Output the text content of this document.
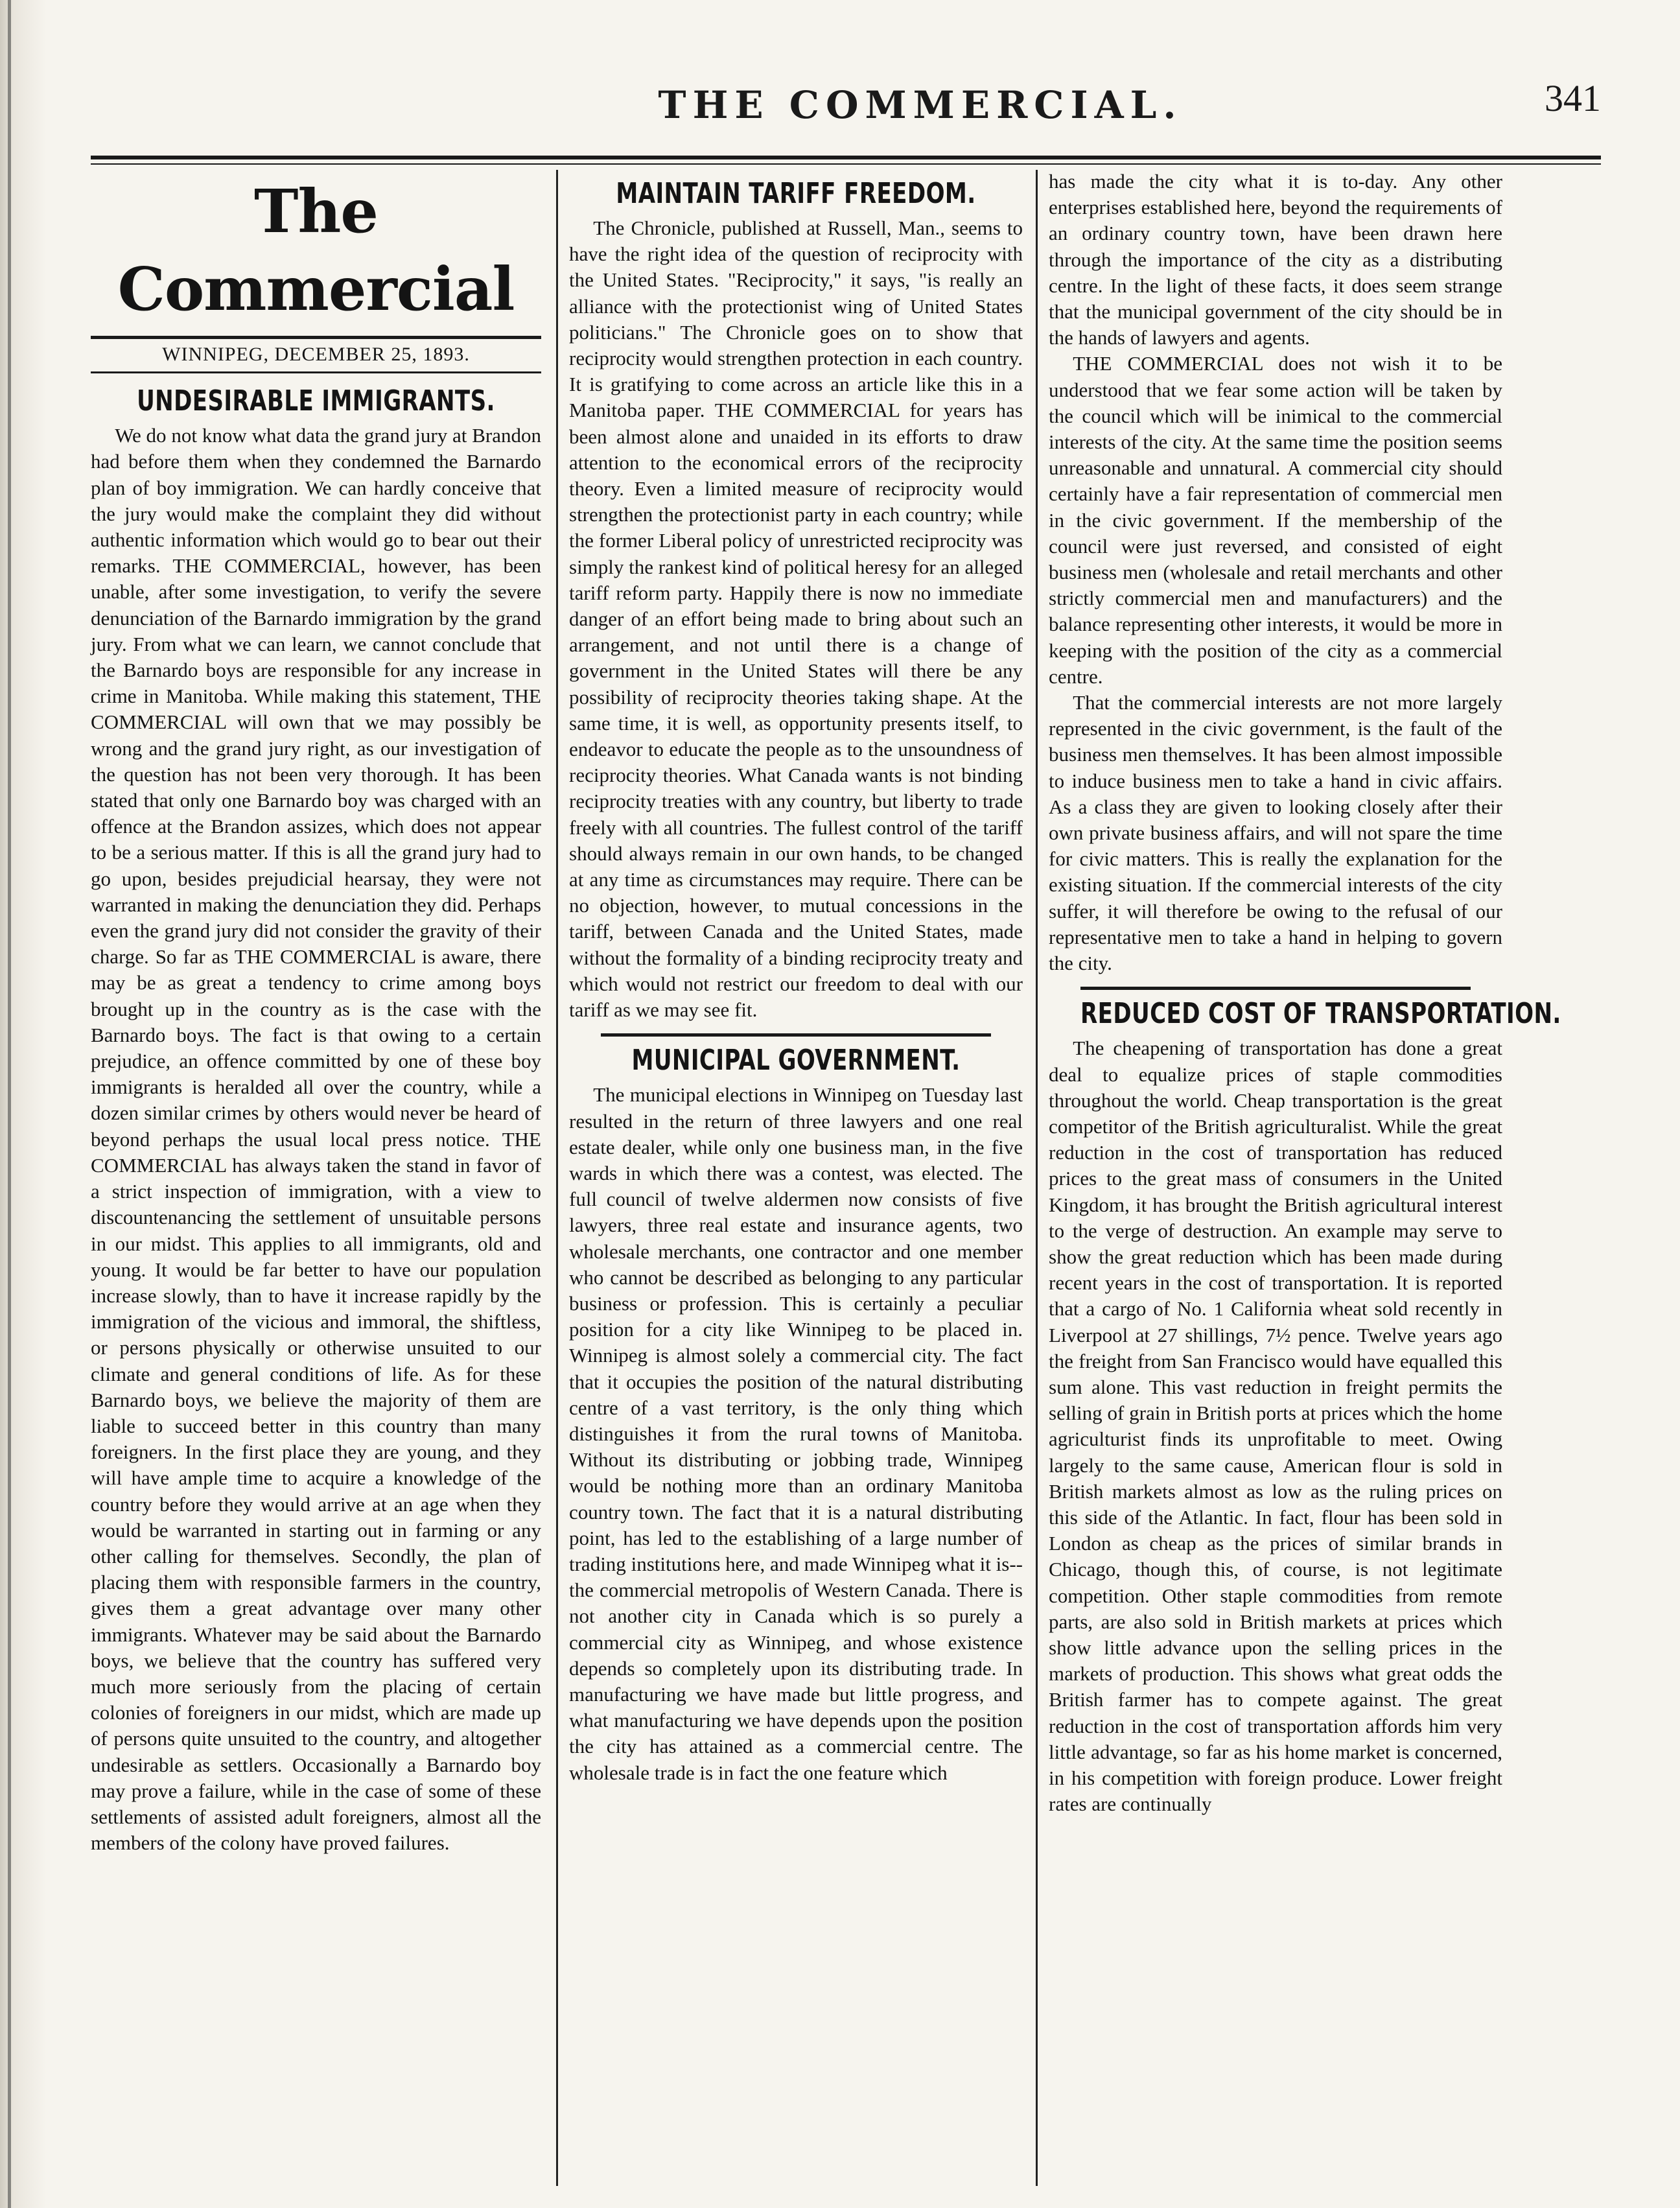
THE COMMERCIAL.	341
The Commercial
WINNIPEG, DECEMBER 25, 1893.
UNDESIRABLE IMMIGRANTS.

We do not know what data the grand jury at Brandon had before them when they condemned the Barnardo plan of boy immigration. We can hardly conceive that the jury would make the complaint they did without authentic information which would go to bear out their remarks. THE COMMERCIAL, however, has been unable, after some investigation, to verify the severe denunciation of the Barnardo immigration by the grand jury. From what we can learn, we cannot conclude that the Barnardo boys are responsible for any increase in crime in Manitoba. While making this statement, THE COMMERCIAL will own that we may possibly be wrong and the grand jury right, as our investigation of the question has not been very thorough. It has been stated that only one Barnardo boy was charged with an offence at the Brandon assizes, which does not appear to be a serious matter. If this is all the grand jury had to go upon, besides prejudicial hearsay, they were not warranted in making the denunciation they did. Perhaps even the grand jury did not consider the gravity of their charge. So far as THE COMMERCIAL is aware, there may be as great a tendency to crime among boys brought up in the country as is the case with the Barnardo boys. The fact is that owing to a certain prejudice, an offence committed by one of these boy immigrants is heralded all over the country, while a dozen similar crimes by others would never be heard of beyond perhaps the usual local press notice. THE COMMERCIAL has always taken the stand in favor of a strict inspection of immigration, with a view to discountenancing the settlement of unsuitable persons in our midst. This applies to all immigrants, old and young. It would be far better to have our population increase slowly, than to have it increase rapidly by the immigration of the vicious and immoral, the shiftless, or persons physically or otherwise unsuited to our climate and general conditions of life. As for these Barnardo boys, we believe the majority of them are liable to succeed better in this country than many foreigners. In the first place they are young, and they will have ample time to acquire a knowledge of the country before they would arrive at an age when they would be warranted in starting out in farming or any other calling for themselves. Secondly, the plan of placing them with responsible farmers in the country, gives them a great advantage over many other immigrants. Whatever may be said about the Barnardo boys, we believe that the country has suffered very much more seriously from the placing of certain colonies of foreigners in our midst, which are made up of persons quite unsuited to the country, and altogether undesirable as settlers. Occasionally a Barnardo boy may prove a failure, while in the case of some of these settlements of assisted adult foreigners, almost all the members of the colony have proved failures.

MAINTAIN TARIFF FREEDOM.

The Chronicle, published at Russell, Man., seems to have the right idea of the question of reciprocity with the United States. "Reciprocity," it says, "is really an alliance with the protectionist wing of United States politicians." The Chronicle goes on to show that reciprocity would strengthen protection in each country. It is gratifying to come across an article like this in a Manitoba paper. THE COMMERCIAL for years has been almost alone and unaided in its efforts to draw attention to the economical errors of the reciprocity theory. Even a limited measure of reciprocity would strengthen the protectionist party in each country; while the former Liberal policy of unrestricted reciprocity was simply the rankest kind of political heresy for an alleged tariff reform party. Happily there is now no immediate danger of an effort being made to bring about such an arrangement, and not until there is a change of government in the United States will there be any possibility of reciprocity theories taking shape. At the same time, it is well, as opportunity presents itself, to endeavor to educate the people as to the unsoundness of reciprocity theories. What Canada wants is not binding reciprocity treaties with any country, but liberty to trade freely with all countries. The fullest control of the tariff should always remain in our own hands, to be changed at any time as circumstances may require. There can be no objection, however, to mutual concessions in the tariff, between Canada and the United States, made without the formality of a binding reciprocity treaty and which would not restrict our freedom to deal with our tariff as we may see fit.

MUNICIPAL GOVERNMENT.

The municipal elections in Winnipeg on Tuesday last resulted in the return of three lawyers and one real estate dealer, while only one business man, in the five wards in which there was a contest, was elected. The full council of twelve aldermen now consists of five lawyers, three real estate and insurance agents, two wholesale merchants, one contractor and one member who cannot be described as belonging to any particular business or profession. This is certainly a peculiar position for a city like Winnipeg to be placed in. Winnipeg is almost solely a commercial city. The fact that it occupies the position of the natural distributing centre of a vast territory, is the only thing which distinguishes it from the rural towns of Manitoba. Without its distributing or jobbing trade, Winnipeg would be nothing more than an ordinary Manitoba country town. The fact that it is a natural distributing point, has led to the establishing of a large number of trading institutions here, and made Winnipeg what it is--the commercial metropolis of Western Canada. There is not another city in Canada which is so purely a commercial city as Winnipeg, and whose existence depends so completely upon its distributing trade. In manufacturing we have made but little progress, and what manufacturing we have depends upon the position the city has attained as a commercial centre. The wholesale trade is in fact the one feature which

has made the city what it is to-day. Any other enterprises established here, beyond the requirements of an ordinary country town, have been drawn here through the importance of the city as a distributing centre. In the light of these facts, it does seem strange that the municipal government of the city should be in the hands of lawyers and agents.

THE COMMERCIAL does not wish it to be understood that we fear some action will be taken by the council which will be inimical to the commercial interests of the city. At the same time the position seems unreasonable and unnatural. A commercial city should certainly have a fair representation of commercial men in the civic government. If the membership of the council were just reversed, and consisted of eight business men (wholesale and retail merchants and other strictly commercial men and manufacturers) and the balance representing other interests, it would be more in keeping with the position of the city as a commercial centre.

That the commercial interests are not more largely represented in the civic government, is the fault of the business men themselves. It has been almost impossible to induce business men to take a hand in civic affairs. As a class they are given to looking closely after their own private business affairs, and will not spare the time for civic matters. This is really the explanation for the existing situation. If the commercial interests of the city suffer, it will therefore be owing to the refusal of our representative men to take a hand in helping to govern the city.

REDUCED COST OF TRANSPORTATION.

The cheapening of transportation has done a great deal to equalize prices of staple commodities throughout the world. Cheap transportation is the great competitor of the British agriculturalist. While the great reduction in the cost of transportation has reduced prices to the great mass of consumers in the United Kingdom, it has brought the British agricultural interest to the verge of destruction. An example may serve to show the great reduction which has been made during recent years in the cost of transportation. It is reported that a cargo of No. 1 California wheat sold recently in Liverpool at 27 shillings, 7½ pence. Twelve years ago the freight from San Francisco would have equalled this sum alone. This vast reduction in freight permits the selling of grain in British ports at prices which the home agriculturist finds its unprofitable to meet. Owing largely to the same cause, American flour is sold in British markets almost as low as the ruling prices on this side of the Atlantic. In fact, flour has been sold in London as cheap as the prices of similar brands in Chicago, though this, of course, is not legitimate competition. Other staple commodities from remote parts, are also sold in British markets at prices which show little advance upon the selling prices in the markets of production. This shows what great odds the British farmer has to compete against. The great reduction in the cost of transportation affords him very little advantage, so far as his home market is concerned, in his competition with foreign produce. Lower freight rates are continually
